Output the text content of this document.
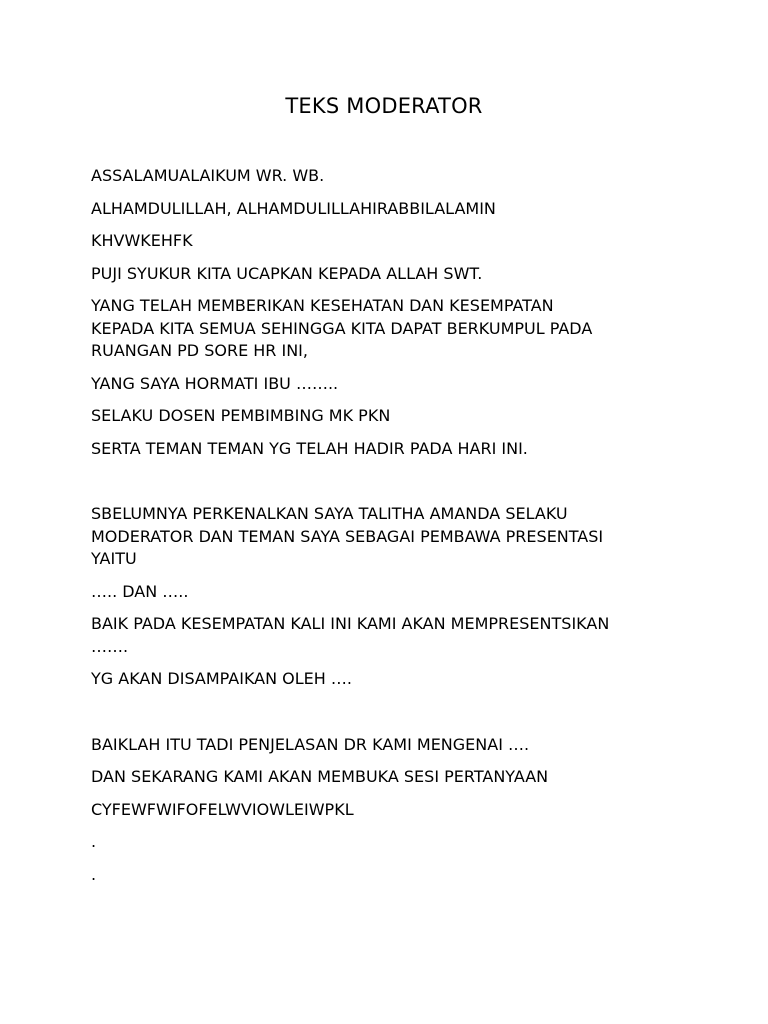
TEKS MODERATOR

ASSALAMUALAIKUM WR. WB.

ALHAMDULILLAH, ALHAMDULILLAHIRABBILALAMIN

KHVWKEHFK

PUJI SYUKUR KITA UCAPKAN KEPADA ALLAH SWT.

YANG TELAH MEMBERIKAN KESEHATAN DAN KESEMPATAN
KEPADA KITA SEMUA SEHINGGA KITA DAPAT BERKUMPUL PADA
RUANGAN PD SORE HR INI,

YANG SAYA HORMATI IBU ……..

SELAKU DOSEN PEMBIMBING MK PKN

SERTA TEMAN TEMAN YG TELAH HADIR PADA HARI INI.

SBELUMNYA PERKENALKAN SAYA TALITHA AMANDA SELAKU
MODERATOR DAN TEMAN SAYA SEBAGAI PEMBAWA PRESENTASI
YAITU

….. DAN …..

BAIK PADA KESEMPATAN KALI INI KAMI AKAN MEMPRESENTSIKAN
…….

YG AKAN DISAMPAIKAN OLEH ….

BAIKLAH ITU TADI PENJELASAN DR KAMI MENGENAI ….

DAN SEKARANG KAMI AKAN MEMBUKA SESI PERTANYAAN

CYFEWFWIFOFELWVIOWLEIWPKL

.

.
